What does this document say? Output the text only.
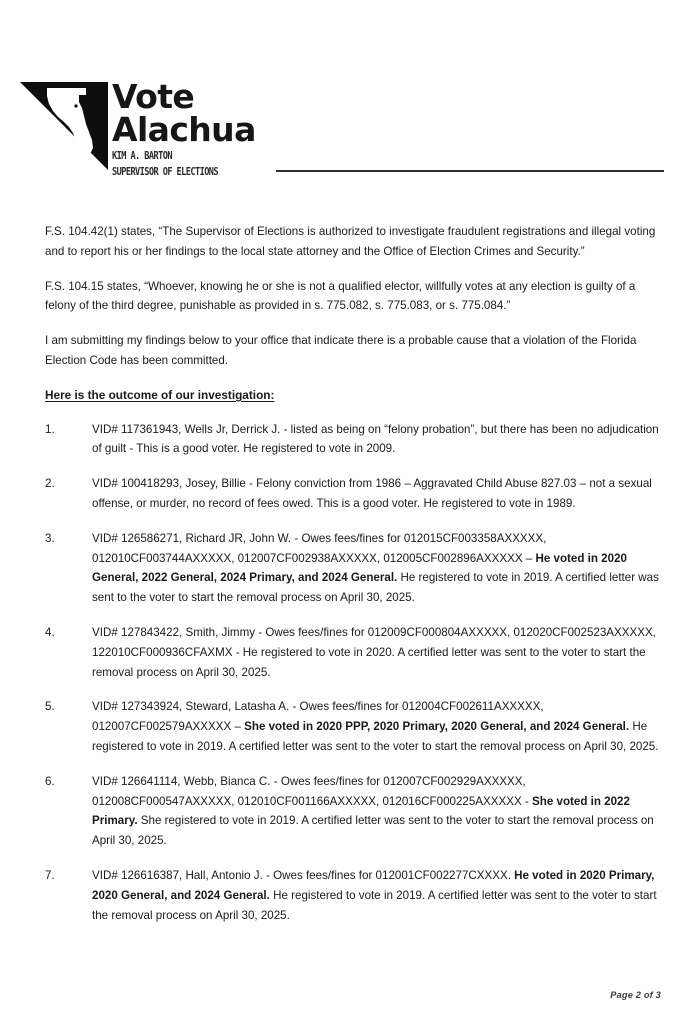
Vote
Alachua
KIM A. BARTON
SUPERVISOR OF ELECTIONS

F.S. 104.42(1) states, “The Supervisor of Elections is authorized to investigate fraudulent registrations and illegal voting and to report his or her findings to the local state attorney and the Office of Election Crimes and Security.”

F.S. 104.15 states, “Whoever, knowing he or she is not a qualified elector, willfully votes at any election is guilty of a felony of the third degree, punishable as provided in s. 775.082, s. 775.083, or s. 775.084.”

I am submitting my findings below to your office that indicate there is a probable cause that a violation of the Florida Election Code has been committed.

Here is the outcome of our investigation:

1.	VID# 117361943, Wells Jr, Derrick J. - listed as being on “felony probation”, but there has been no adjudication of guilt - This is a good voter. He registered to vote in 2009.
2.	VID# 100418293, Josey, Billie - Felony conviction from 1986 – Aggravated Child Abuse 827.03 – not a sexual offense, or murder, no record of fees owed. This is a good voter. He registered to vote in 1989.
3.	VID# 126586271, Richard JR, John W. - Owes fees/fines for 012015CF003358AXXXXX, 012010CF003744AXXXXX, 012007CF002938AXXXXX, 012005CF002896AXXXXX – He voted in 2020 General, 2022 General, 2024 Primary, and 2024 General. He registered to vote in 2019. A certified letter was sent to the voter to start the removal process on April 30, 2025.
4.	VID# 127843422, Smith, Jimmy - Owes fees/fines for 012009CF000804AXXXXX, 012020CF002523AXXXXX, 122010CF000936CFAXMX - He registered to vote in 2020. A certified letter was sent to the voter to start the removal process on April 30, 2025.
5.	VID# 127343924, Steward, Latasha A. - Owes fees/fines for 012004CF002611AXXXXX, 012007CF002579AXXXXX – She voted in 2020 PPP, 2020 Primary, 2020 General, and 2024 General. He registered to vote in 2019. A certified letter was sent to the voter to start the removal process on April 30, 2025.
6.	VID# 126641114, Webb, Bianca C. - Owes fees/fines for 012007CF002929AXXXXX, 012008CF000547AXXXXX, 012010CF001166AXXXXX, 012016CF000225AXXXXX - She voted in 2022 Primary. She registered to vote in 2019. A certified letter was sent to the voter to start the removal process on April 30, 2025.
7.	VID# 126616387, Hall, Antonio J. - Owes fees/fines for 012001CF002277CXXXX. He voted in 2020 Primary, 2020 General, and 2024 General. He registered to vote in 2019. A certified letter was sent to the voter to start the removal process on April 30, 2025.
Page 2 of 3
